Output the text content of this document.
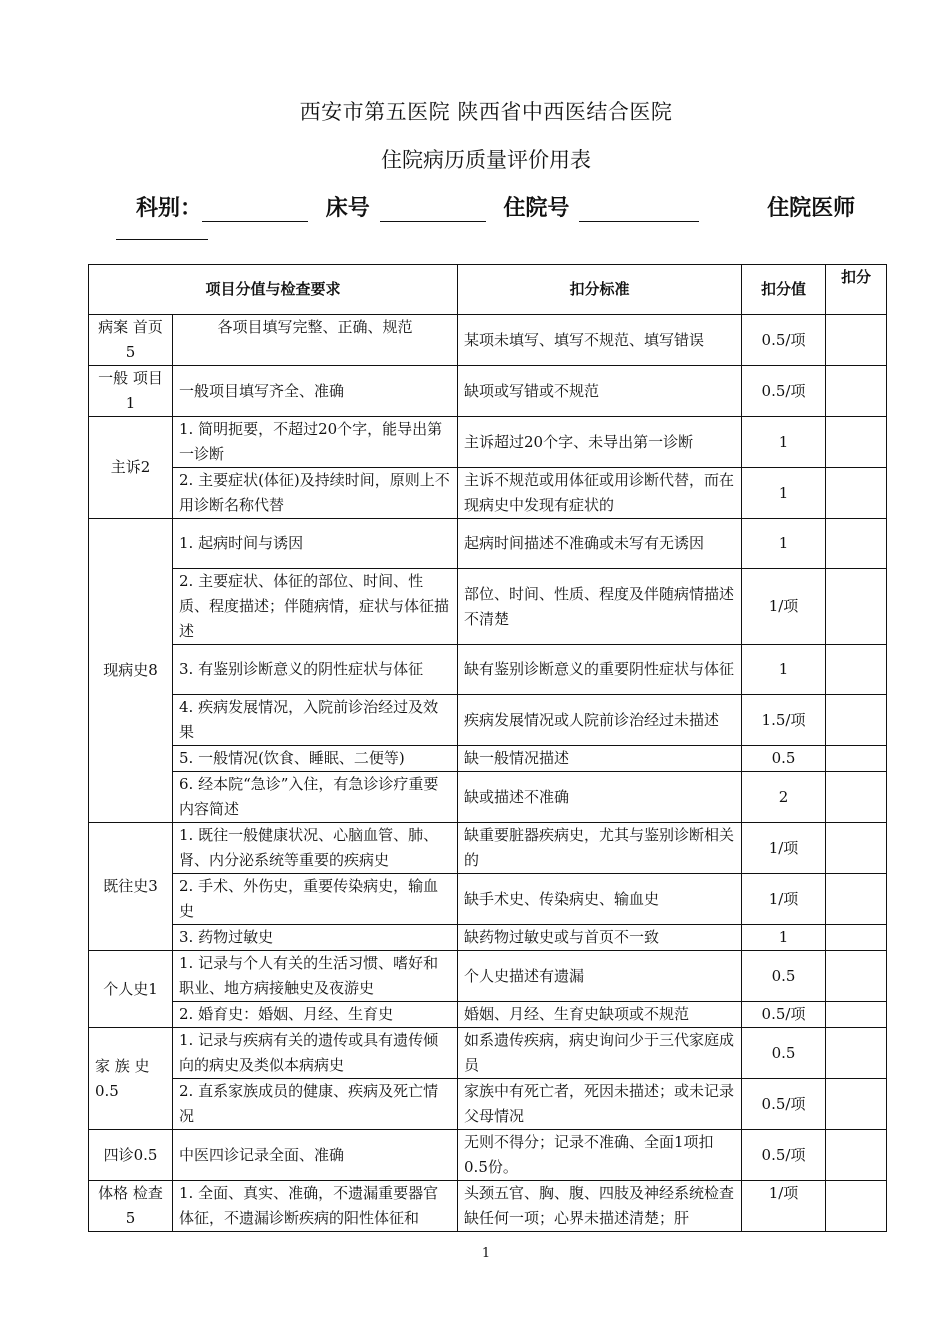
西安市第五医院 陕西省中西医结合医院
住院病历质量评价用表
科别：	床号	住院号	住院医师
项目分值与检查要求		扣分标准	扣分值	扣分
病案 首页5	各项目填写完整、正确、规范	某项未填写、填写不规范、填写错误	0.5/项	
一般 项目1	一般项目填写齐全、准确	缺项或写错或不规范	0.5/项	
主诉2	1. 简明扼要，不超过20个字，能导出第一诊断	主诉超过20个字、未导出第一诊断	1	
	2. 主要症状(体征)及持续时间，原则上不用诊断名称代替	主诉不规范或用体征或用诊断代替，而在现病史中发现有症状的	1	
现病史8	1. 起病时间与诱因	起病时间描述不准确或未写有无诱因	1	
	2. 主要症状、体征的部位、时间、性质、程度描述；伴随病情，症状与体征描述	部位、时间、性质、程度及伴随病情描述不清楚	1/项	
	3. 有鉴别诊断意义的阴性症状与体征	缺有鉴别诊断意义的重要阴性症状与体征	1	
	4. 疾病发展情况，入院前诊治经过及效果	疾病发展情况或人院前诊治经过未描述	1.5/项	
	5. 一般情况(饮食、睡眠、二便等)	缺一般情况描述	0.5	
	6. 经本院“急诊”入住，有急诊诊疗重要内容简述	缺或描述不准确	2	
既往史3	1. 既往一般健康状况、心脑血管、肺、肾、内分泌系统等重要的疾病史	缺重要脏器疾病史，尤其与鉴别诊断相关的	1/项	
	2. 手术、外伤史，重要传染病史，输血史	缺手术史、传染病史、输血史	1/项	
	3. 药物过敏史	缺药物过敏史或与首页不一致	1	
个人史1	1. 记录与个人有关的生活习惯、嗜好和职业、地方病接触史及夜游史	个人史描述有遗漏	0.5	
	2. 婚育史：婚姻、月经、生育史	婚姻、月经、生育史缺项或不规范	0.5/项	
家 族 史 0.5	1. 记录与疾病有关的遗传或具有遗传倾向的病史及类似本病病史	如系遗传疾病，病史询问少于三代家庭成员	0.5	
	2. 直系家族成员的健康、疾病及死亡情况	家族中有死亡者，死因未描述；或未记录父母情况	0.5/项	
四诊0.5	中医四诊记录全面、准确	无则不得分；记录不准确、全面1项扣0.5份。	0.5/项	
体格 检查5	1. 全面、真实、准确，不遗漏重要器官体征，不遗漏诊断疾病的阳性体征和	头颈五官、胸、腹、四肢及神经系统检查缺任何一项；心界未描述清楚；肝	1/项	
1
